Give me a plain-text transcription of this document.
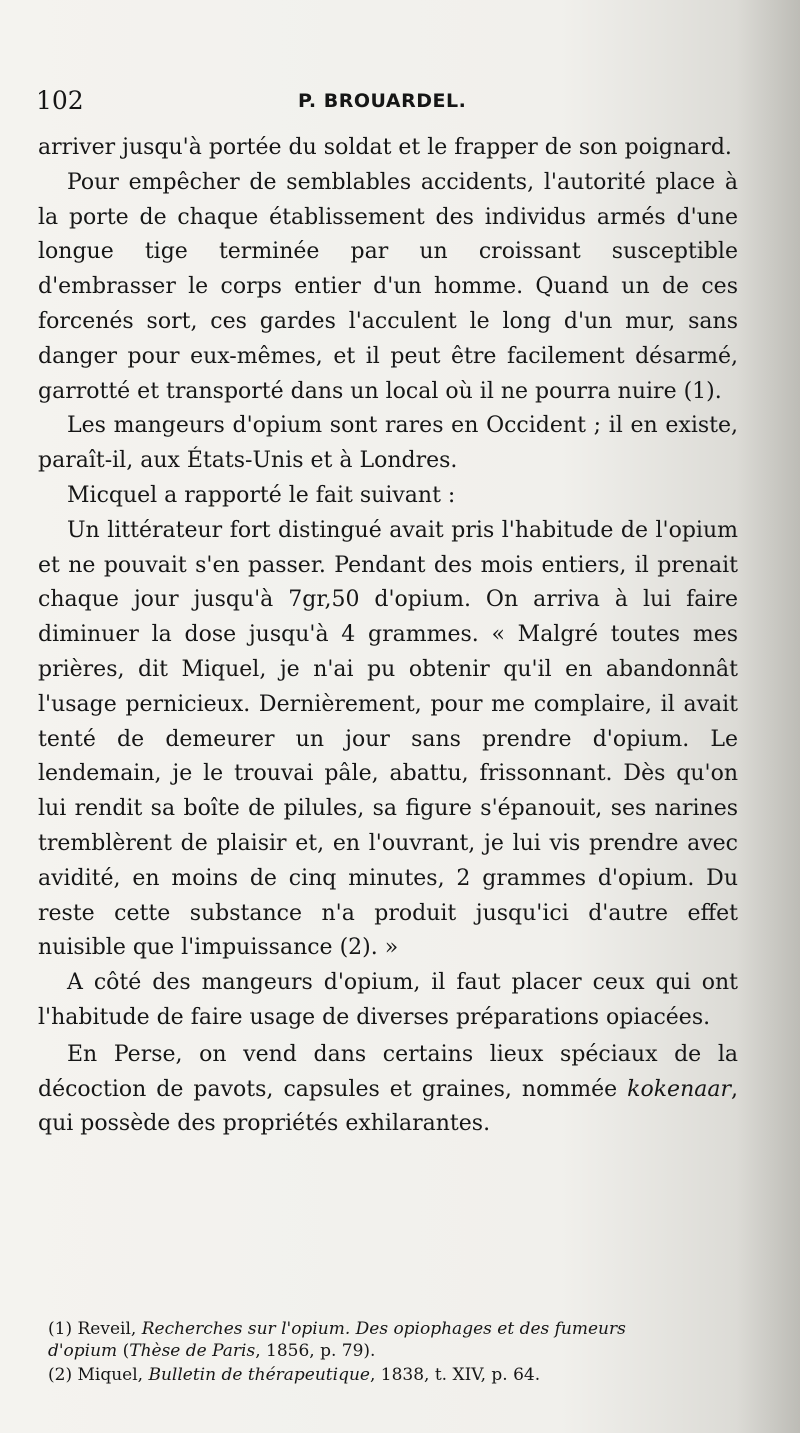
102	P. BROUARDEL.

arriver jusqu'à portée du soldat et le frapper de son poignard.

Pour empêcher de semblables accidents, l'autorité place à la porte de chaque établissement des individus armés d'une longue tige terminée par un croissant susceptible d'embrasser le corps entier d'un homme. Quand un de ces forcenés sort, ces gardes l'acculent le long d'un mur, sans danger pour eux-mêmes, et il peut être facilement désarmé, garrotté et transporté dans un local où il ne pourra nuire (1).

Les mangeurs d'opium sont rares en Occident ; il en existe, paraît-il, aux États-Unis et à Londres.

Micquel a rapporté le fait suivant :

Un littérateur fort distingué avait pris l'habitude de l'opium et ne pouvait s'en passer. Pendant des mois entiers, il prenait chaque jour jusqu'à 7gr,50 d'opium. On arriva à lui faire diminuer la dose jusqu'à 4 grammes. « Malgré toutes mes prières, dit Miquel, je n'ai pu obtenir qu'il en abandonnât l'usage pernicieux. Dernièrement, pour me complaire, il avait tenté de demeurer un jour sans prendre d'opium. Le lendemain, je le trouvai pâle, abattu, frissonnant. Dès qu'on lui rendit sa boîte de pilules, sa figure s'épanouit, ses narines tremblèrent de plaisir et, en l'ouvrant, je lui vis prendre avec avidité, en moins de cinq minutes, 2 grammes d'opium. Du reste cette substance n'a produit jusqu'ici d'autre effet nuisible que l'impuissance (2). »

A côté des mangeurs d'opium, il faut placer ceux qui ont l'habitude de faire usage de diverses préparations opiacées.

En Perse, on vend dans certains lieux spéciaux de la décoction de pavots, capsules et graines, nommée kokenaar, qui possède des propriétés exhilarantes.

(1) Reveil, Recherches sur l'opium. Des opiophages et des fumeurs
d'opium (Thèse de Paris, 1856, p. 79).
(2) Miquel, Bulletin de thérapeutique, 1838, t. XIV, p. 64.
